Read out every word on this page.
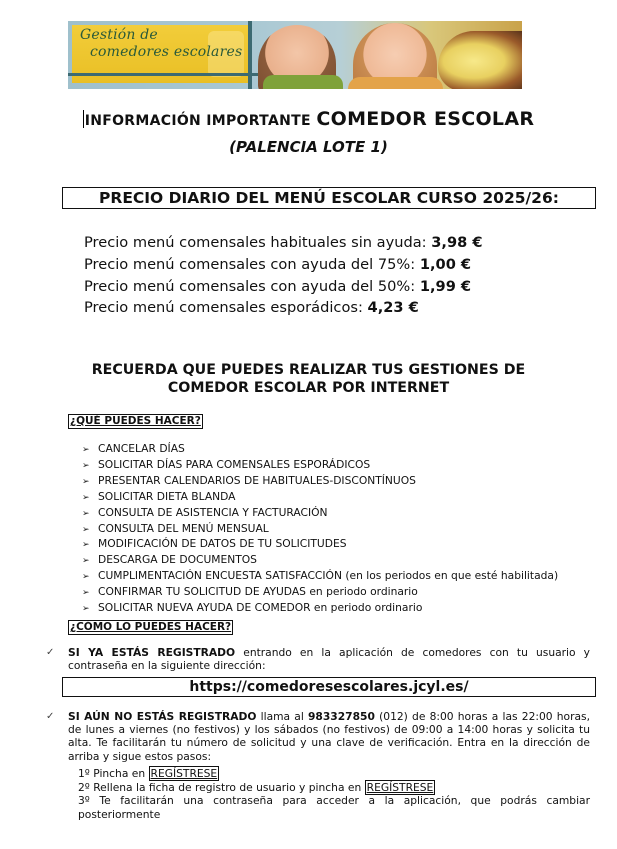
Gestión de
comedores escolares
INFORMACIÓN IMPORTANTE COMEDOR ESCOLAR
(PALENCIA LOTE 1)
PRECIO DIARIO DEL MENÚ ESCOLAR CURSO 2025/26:
Precio menú comensales habituales sin ayuda: 3,98 €
Precio menú comensales con ayuda del 75%: 1,00 €
Precio menú comensales con ayuda del 50%: 1,99 €
Precio menú comensales esporádicos: 4,23 €
RECUERDA QUE PUEDES REALIZAR TUS GESTIONES DE
COMEDOR ESCOLAR POR INTERNET
¿QUÉ PUEDES HACER?
➢ CANCELAR DÍAS
➢ SOLICITAR DÍAS PARA COMENSALES ESPORÁDICOS
➢ PRESENTAR CALENDARIOS DE HABITUALES-DISCONTÍNUOS
➢ SOLICITAR DIETA BLANDA
➢ CONSULTA DE ASISTENCIA Y FACTURACIÓN
➢ CONSULTA DEL MENÚ MENSUAL
➢ MODIFICACIÓN DE DATOS DE TU SOLICITUDES
➢ DESCARGA DE DOCUMENTOS
➢ CUMPLIMENTACIÓN ENCUESTA SATISFACCIÓN (en los periodos en que esté habilitada)
➢ CONFIRMAR TU SOLICITUD DE AYUDAS en periodo ordinario
➢ SOLICITAR NUEVA AYUDA DE COMEDOR en periodo ordinario
¿CÓMO LO PUEDES HACER?
✓ SI YA ESTÁS REGISTRADO entrando en la aplicación de comedores con tu usuario y contraseña en la siguiente dirección:
https://comedoresescolares.jcyl.es/
✓ SI AÚN NO ESTÁS REGISTRADO llama al 983327850 (012) de 8:00 horas a las 22:00 horas, de lunes a viernes (no festivos) y los sábados (no festivos) de 09:00 a 14:00 horas y solicita tu alta. Te facilitarán tu número de solicitud y una clave de verificación. Entra en la dirección de arriba y sigue estos pasos:
1º Pincha en REGÍSTRESE
2º Rellena la ficha de registro de usuario y pincha en REGÍSTRESE
3º Te facilitarán una contraseña para acceder a la aplicación, que podrás cambiar posteriormente
